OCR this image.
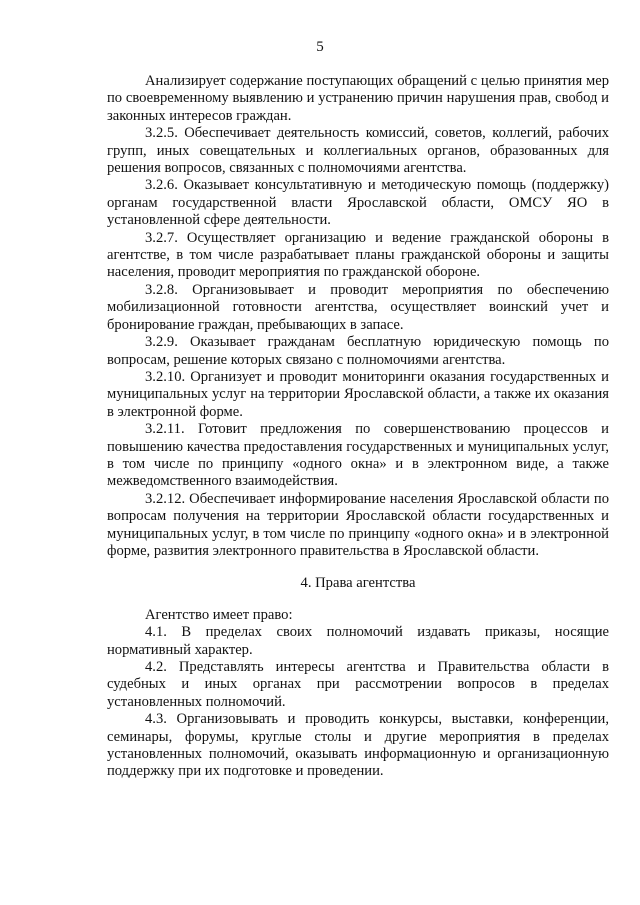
5

Анализирует содержание поступающих обращений с целью принятия мер по своевременному выявлению и устранению причин нарушения прав, свобод и законных интересов граждан.

3.2.5. Обеспечивает деятельность комиссий, советов, коллегий, рабочих групп, иных совещательных и коллегиальных органов, образованных для решения вопросов, связанных с полномочиями агентства.

3.2.6. Оказывает консультативную и методическую помощь (поддержку) органам государственной власти Ярославской области, ОМСУ ЯО в установленной сфере деятельности.

3.2.7. Осуществляет организацию и ведение гражданской обороны в агентстве, в том числе разрабатывает планы гражданской обороны и защиты населения, проводит мероприятия по гражданской обороне.

3.2.8. Организовывает и проводит мероприятия по обеспечению мобилизационной готовности агентства, осуществляет воинский учет и бронирование граждан, пребывающих в запасе.

3.2.9. Оказывает гражданам бесплатную юридическую помощь по вопросам, решение которых связано с полномочиями агентства.

3.2.10. Организует и проводит мониторинги оказания государственных и муниципальных услуг на территории Ярославской области, а также их оказания в электронной форме.

3.2.11. Готовит предложения по совершенствованию процессов и повышению качества предоставления государственных и муниципальных услуг, в том числе по принципу «одного окна» и в электронном виде, а также межведомственного взаимодействия.

3.2.12. Обеспечивает информирование населения Ярославской области по вопросам получения на территории Ярославской области государственных и муниципальных услуг, в том числе по принципу «одного окна» и в электронной форме, развития электронного правительства в Ярославской области.

4. Права агентства

Агентство имеет право:

4.1. В пределах своих полномочий издавать приказы, носящие нормативный характер.

4.2. Представлять интересы агентства и Правительства области в судебных и иных органах при рассмотрении вопросов в пределах установленных полномочий.

4.3. Организовывать и проводить конкурсы, выставки, конференции, семинары, форумы, круглые столы и другие мероприятия в пределах установленных полномочий, оказывать информационную и организационную поддержку при их подготовке и проведении.
